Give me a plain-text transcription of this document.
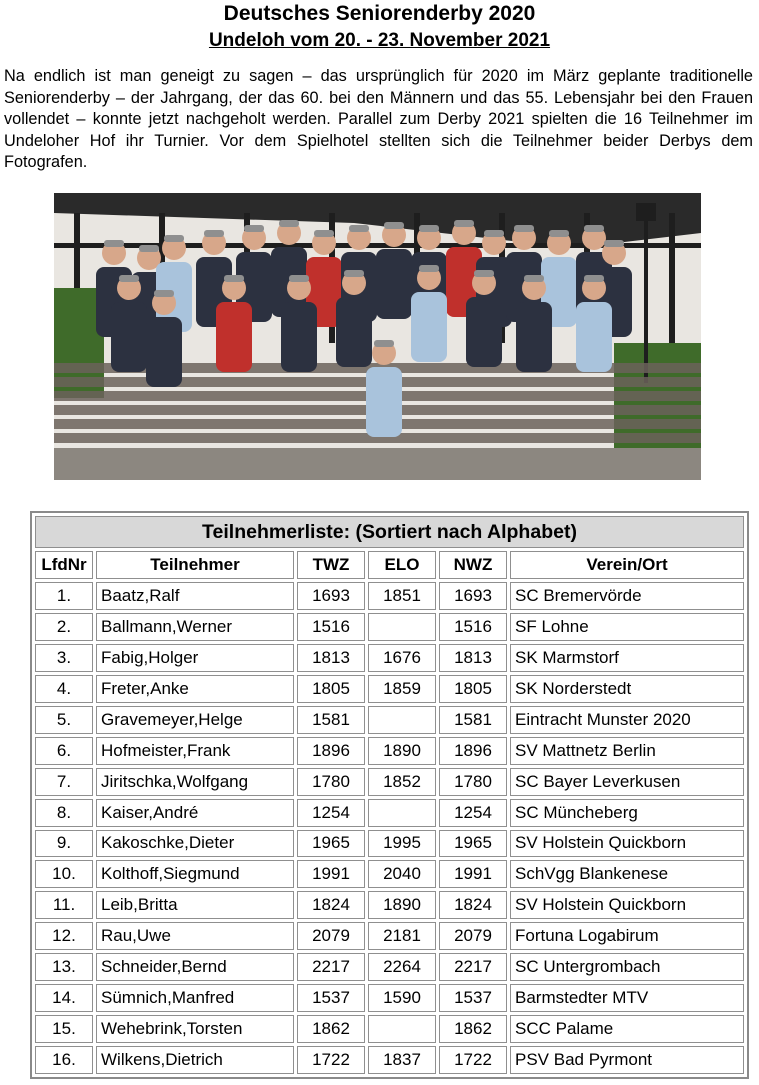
Deutsches Seniorenderby 2020
Undeloh vom 20. - 23. November 2021

Na endlich ist man geneigt zu sagen – das ursprünglich für 2020 im März geplante traditionelle Seniorenderby – der Jahrgang, der das 60. bei den Männern und das 55. Lebensjahr bei den Frauen vollendet – konnte jetzt nachgeholt werden. Parallel zum Derby 2021 spielten die 16 Teilnehmer im Undeloher Hof ihr Turnier. Vor dem Spielhotel stellten sich die Teilnehmer beider Derbys dem Fotografen.

Teilnehmerliste: (Sortiert nach Alphabet)					
LfdNr	Teilnehmer	TWZ	ELO	NWZ	Verein/Ort
1.	Baatz,Ralf	1693	1851	1693	SC Bremervörde
2.	Ballmann,Werner	1516		1516	SF Lohne
3.	Fabig,Holger	1813	1676	1813	SK Marmstorf
4.	Freter,Anke	1805	1859	1805	SK Norderstedt
5.	Gravemeyer,Helge	1581		1581	Eintracht Munster 2020
6.	Hofmeister,Frank	1896	1890	1896	SV Mattnetz Berlin
7.	Jiritschka,Wolfgang	1780	1852	1780	SC Bayer Leverkusen
8.	Kaiser,André	1254		1254	SC Müncheberg
9.	Kakoschke,Dieter	1965	1995	1965	SV Holstein Quickborn
10.	Kolthoff,Siegmund	1991	2040	1991	SchVgg Blankenese
11.	Leib,Britta	1824	1890	1824	SV Holstein Quickborn
12.	Rau,Uwe	2079	2181	2079	Fortuna Logabirum
13.	Schneider,Bernd	2217	2264	2217	SC Untergrombach
14.	Sümnich,Manfred	1537	1590	1537	Barmstedter MTV
15.	Wehebrink,Torsten	1862		1862	SCC Palame
16.	Wilkens,Dietrich	1722	1837	1722	PSV Bad Pyrmont
